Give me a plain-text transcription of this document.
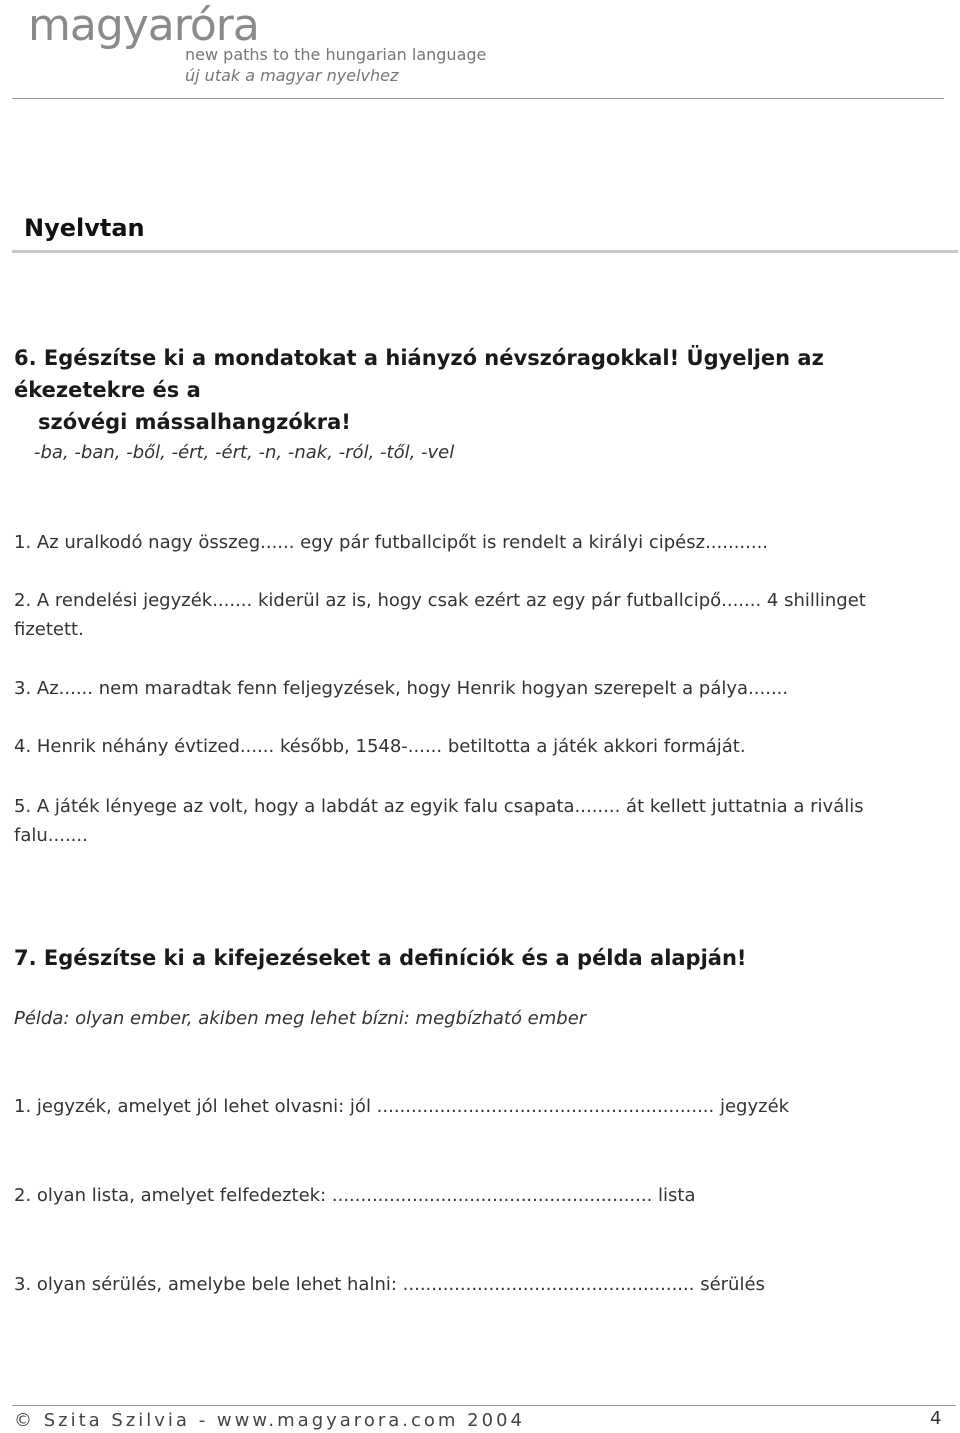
magyaróra
new paths to the hungarian language
új utak a magyar nyelvhez
Nyelvtan
6. Egészítse ki a mondatokat a hiányzó névszóragokkal! Ügyeljen az ékezetekre és a
szóvégi mássalhangzókra!
-ba, -ban, -ből, -ért, -ért, -n, -nak, -ról, -től, -vel
1. Az uralkodó nagy összeg...... egy pár futballcipőt is rendelt a királyi cipész...........
2. A rendelési jegyzék....... kiderül az is, hogy csak ezért az egy pár futballcipő....... 4 shillinget fizetett.
3. Az...... nem maradtak fenn feljegyzések, hogy Henrik hogyan szerepelt a pálya.......
4. Henrik néhány évtized...... később, 1548-...... betiltotta a játék akkori formáját.
5. A játék lényege az volt, hogy a labdát az egyik falu csapata........ át kellett juttatnia a rivális falu.......
7. Egészítse ki a kifejezéseket a definíciók és a példa alapján!
Példa: olyan ember, akiben meg lehet bízni: megbízható ember
1. jegyzék, amelyet jól lehet olvasni: jól ........................................................... jegyzék
2. olyan lista, amelyet felfedeztek: ........................................................ lista
3. olyan sérülés, amelybe bele lehet halni: ................................................... sérülés
© Szita Szilvia - www.magyarora.com 2004	4
